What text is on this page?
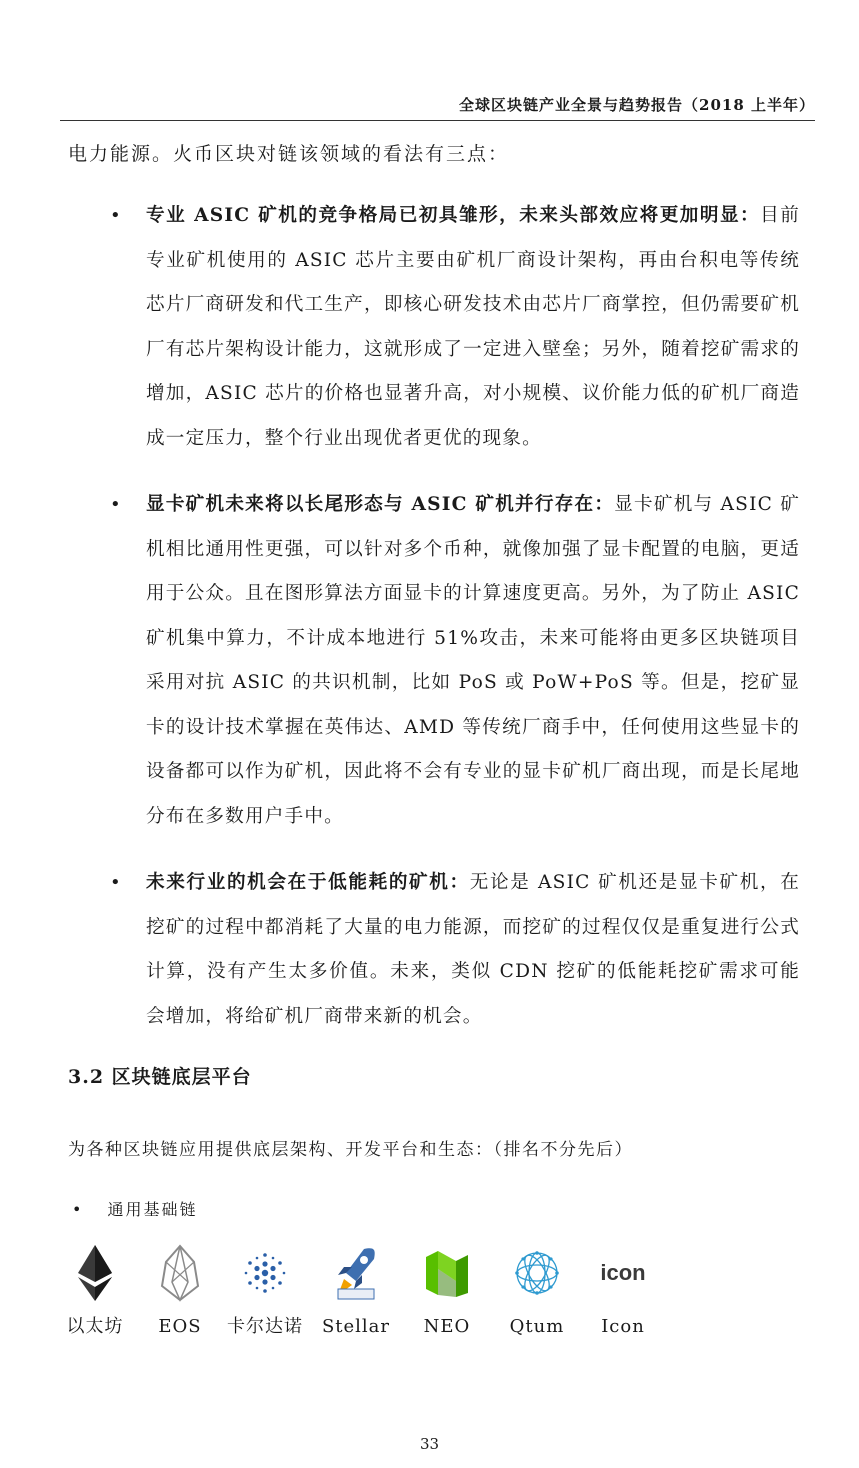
全球区块链产业全景与趋势报告（2018 上半年）
电力能源。火币区块对链该领域的看法有三点：
• 专业 ASIC 矿机的竞争格局已初具雏形，未来头部效应将更加明显：目前专业矿机使用的 ASIC 芯片主要由矿机厂商设计架构，再由台积电等传统芯片厂商研发和代工生产，即核心研发技术由芯片厂商掌控，但仍需要矿机厂有芯片架构设计能力，这就形成了一定进入壁垒；另外，随着挖矿需求的增加，ASIC 芯片的价格也显著升高，对小规模、议价能力低的矿机厂商造成一定压力，整个行业出现优者更优的现象。
• 显卡矿机未来将以长尾形态与 ASIC 矿机并行存在：显卡矿机与 ASIC 矿机相比通用性更强，可以针对多个币种，就像加强了显卡配置的电脑，更适用于公众。且在图形算法方面显卡的计算速度更高。另外，为了防止 ASIC 矿机集中算力，不计成本地进行 51%攻击，未来可能将由更多区块链项目采用对抗 ASIC 的共识机制，比如 PoS 或 PoW+PoS 等。但是，挖矿显卡的设计技术掌握在英伟达、AMD 等传统厂商手中，任何使用这些显卡的设备都可以作为矿机，因此将不会有专业的显卡矿机厂商出现，而是长尾地分布在多数用户手中。
• 未来行业的机会在于低能耗的矿机：无论是 ASIC 矿机还是显卡矿机，在挖矿的过程中都消耗了大量的电力能源，而挖矿的过程仅仅是重复进行公式计算，没有产生太多价值。未来，类似 CDN 挖矿的低能耗挖矿需求可能会增加，将给矿机厂商带来新的机会。
3.2 区块链底层平台
为各种区块链应用提供底层架构、开发平台和生态：（排名不分先后）
• 通用基础链
以太坊	EOS	卡尔达诺	Stellar	NEO	Qtum
icon
Icon
33
